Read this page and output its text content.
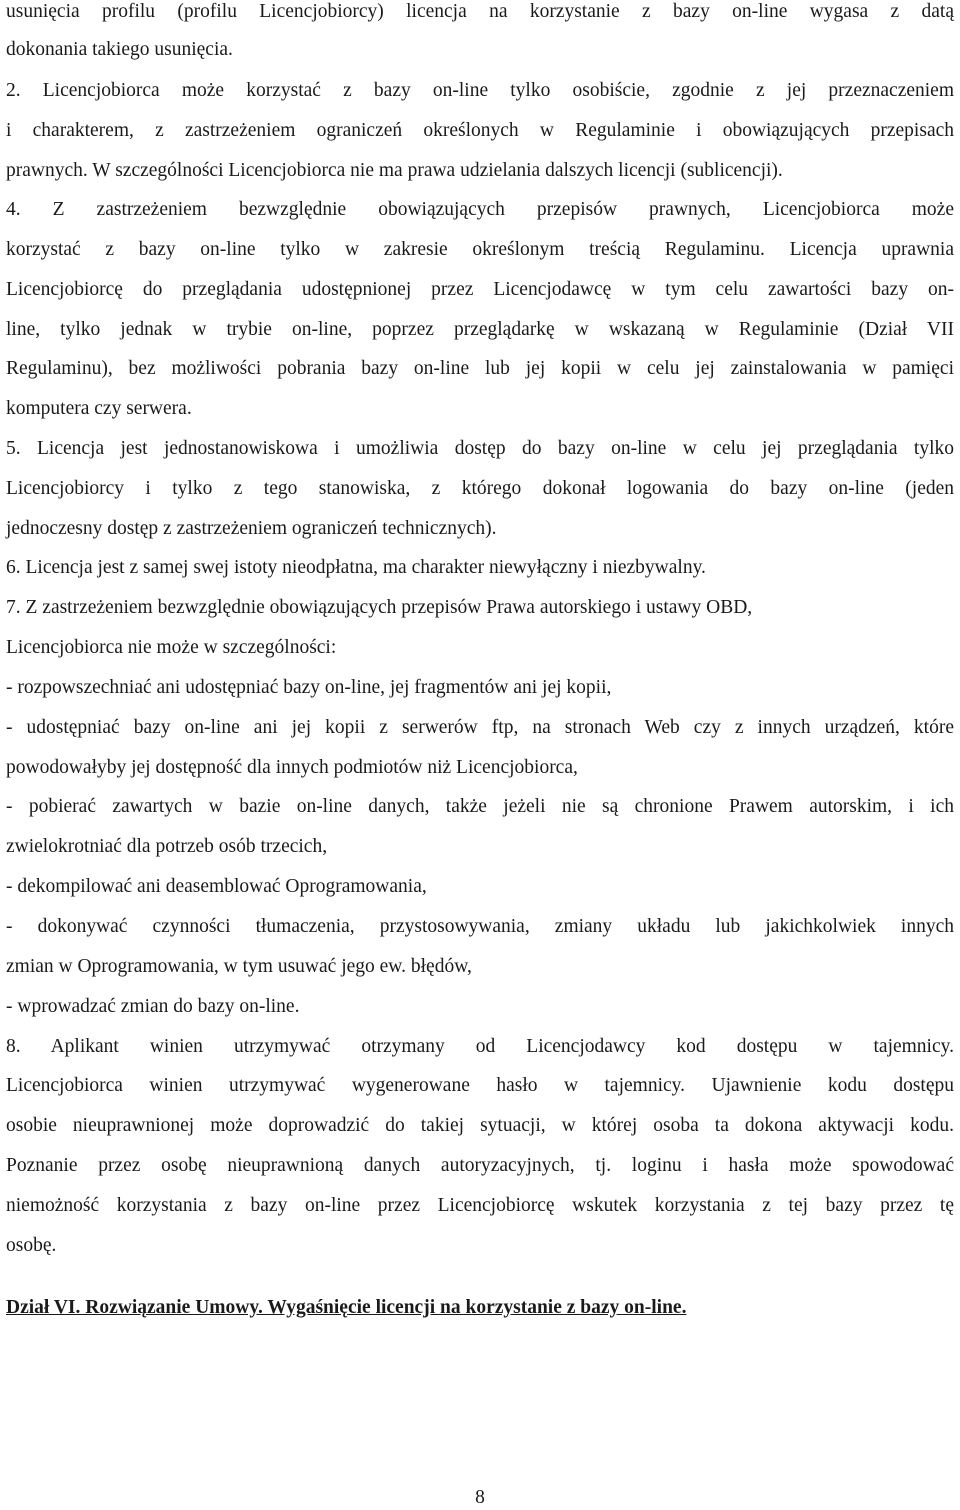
usunięcia profilu (profilu Licencjobiorcy) licencja na korzystanie z bazy on-line wygasa z datą
dokonania takiego usunięcia.
2. Licencjobiorca może korzystać z bazy on-line tylko osobiście, zgodnie z jej przeznaczeniem
i charakterem, z zastrzeżeniem ograniczeń określonych w Regulaminie i obowiązujących przepisach
prawnych. W szczególności Licencjobiorca nie ma prawa udzielania dalszych licencji (sublicencji).
4. Z zastrzeżeniem bezwzględnie obowiązujących przepisów prawnych, Licencjobiorca może
korzystać z bazy on-line tylko w zakresie określonym treścią Regulaminu. Licencja uprawnia
Licencjobiorcę do przeglądania udostępnionej przez Licencjodawcę w tym celu zawartości bazy on-
line, tylko jednak w trybie on-line, poprzez przeglądarkę w wskazaną w Regulaminie (Dział VII
Regulaminu), bez możliwości pobrania bazy on-line lub jej kopii w celu jej zainstalowania w pamięci
komputera czy serwera.
5. Licencja jest jednostanowiskowa i umożliwia dostęp do bazy on-line w celu jej przeglądania tylko
Licencjobiorcy i tylko z tego stanowiska, z którego dokonał logowania do bazy on-line (jeden
jednoczesny dostęp z zastrzeżeniem ograniczeń technicznych).
6. Licencja jest z samej swej istoty nieodpłatna, ma charakter niewyłączny i niezbywalny.
7. Z zastrzeżeniem bezwzględnie obowiązujących przepisów Prawa autorskiego i ustawy OBD,
Licencjobiorca nie może w szczególności:
- rozpowszechniać ani udostępniać bazy on-line, jej fragmentów ani jej kopii,
- udostępniać bazy on-line ani jej kopii z serwerów ftp, na stronach Web czy z innych urządzeń, które
powodowałyby jej dostępność dla innych podmiotów niż Licencjobiorca,
- pobierać zawartych w bazie on-line danych, także jeżeli nie są chronione Prawem autorskim, i ich
zwielokrotniać dla potrzeb osób trzecich,
- dekompilować ani deasemblować Oprogramowania,
- dokonywać czynności tłumaczenia, przystosowywania, zmiany układu lub jakichkolwiek innych
zmian w Oprogramowania, w tym usuwać jego ew. błędów,
- wprowadzać zmian do bazy on-line.
8. Aplikant winien utrzymywać otrzymany od Licencjodawcy kod dostępu w tajemnicy.
Licencjobiorca winien utrzymywać wygenerowane hasło w tajemnicy. Ujawnienie kodu dostępu
osobie nieuprawnionej może doprowadzić do takiej sytuacji, w której osoba ta dokona aktywacji kodu.
Poznanie przez osobę nieuprawnioną danych autoryzacyjnych, tj. loginu i hasła może spowodować
niemożność korzystania z bazy on-line przez Licencjobiorcę wskutek korzystania z tej bazy przez tę
osobę.
Dział VI. Rozwiązanie Umowy. Wygaśnięcie licencji na korzystanie z bazy on-line.
8
